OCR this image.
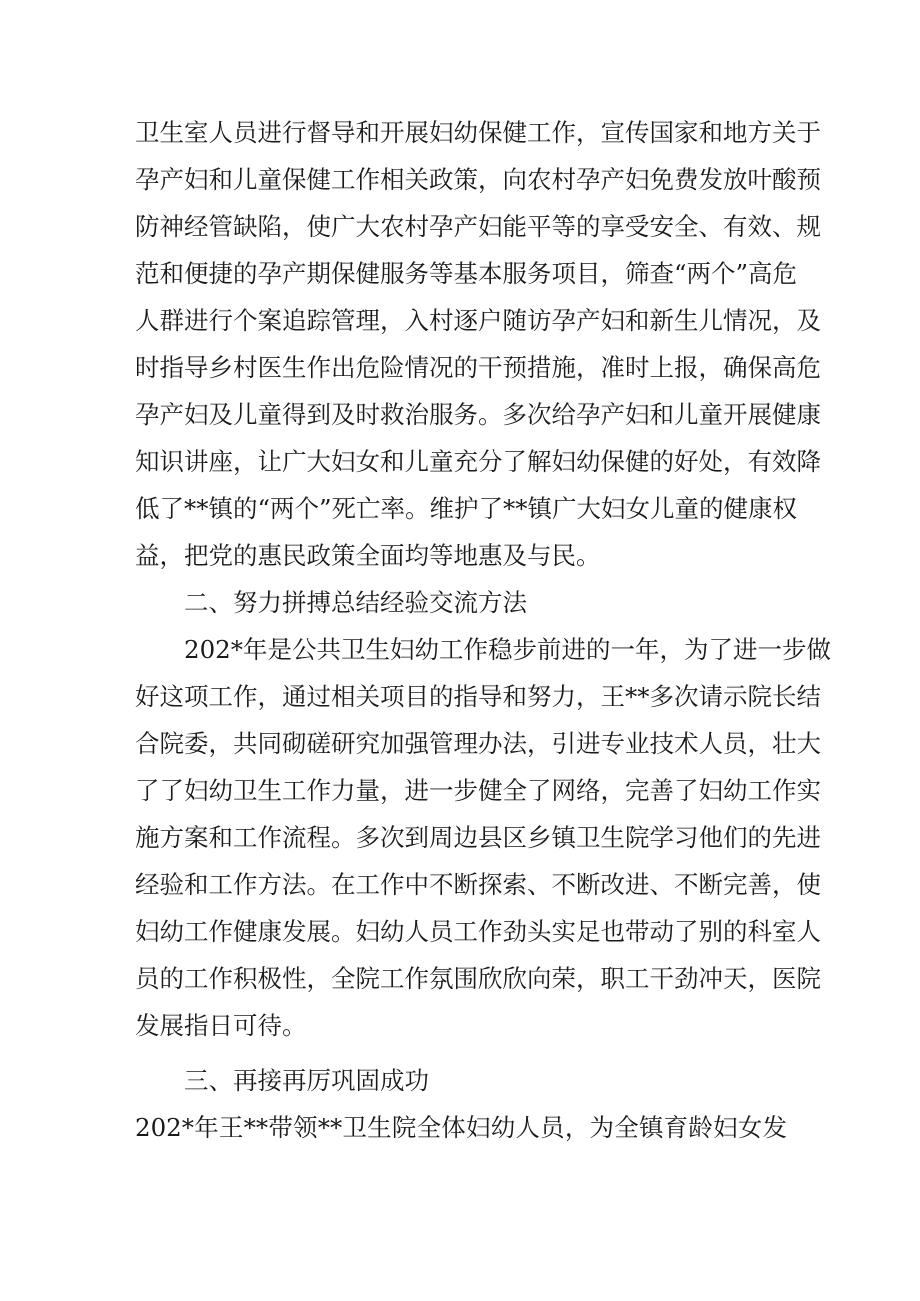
卫生室人员进行督导和开展妇幼保健工作，宣传国家和地方关于
孕产妇和儿童保健工作相关政策，向农村孕产妇免费发放叶酸预
防神经管缺陷，使广大农村孕产妇能平等的享受安全、有效、规
范和便捷的孕产期保健服务等基本服务项目，筛查“两个”高危
人群进行个案追踪管理，入村逐户随访孕产妇和新生儿情况，及
时指导乡村医生作出危险情况的干预措施，准时上报，确保高危
孕产妇及儿童得到及时救治服务。多次给孕产妇和儿童开展健康
知识讲座，让广大妇女和儿童充分了解妇幼保健的好处，有效降
低了**镇的“两个”死亡率。维护了**镇广大妇女儿童的健康权
益，把党的惠民政策全面均等地惠及与民。
二、努力拼搏总结经验交流方法
202*年是公共卫生妇幼工作稳步前进的一年，为了进一步做
好这项工作，通过相关项目的指导和努力，王**多次请示院长结
合院委，共同砌磋研究加强管理办法，引进专业技术人员，壮大
了了妇幼卫生工作力量，进一步健全了网络，完善了妇幼工作实
施方案和工作流程。多次到周边县区乡镇卫生院学习他们的先进
经验和工作方法。在工作中不断探索、不断改进、不断完善，使
妇幼工作健康发展。妇幼人员工作劲头实足也带动了别的科室人
员的工作积极性，全院工作氛围欣欣向荣，职工干劲冲天，医院
发展指日可待。
三、再接再厉巩固成功
202*年王**带领**卫生院全体妇幼人员，为全镇育龄妇女发
